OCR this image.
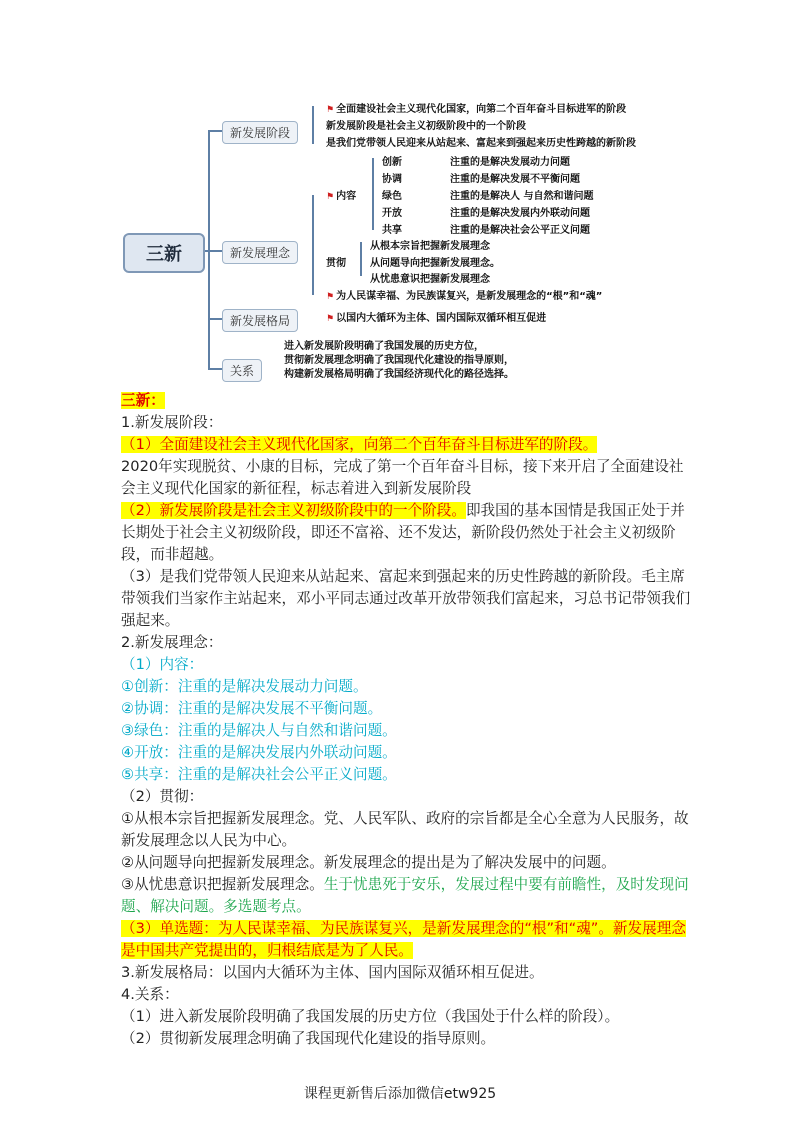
三新
新发展阶段
新发展理念
新发展格局
关系
⚑ 全面建设社会主义现代化国家，向第二个百年奋斗目标进军的阶段
新发展阶段是社会主义初级阶段中的一个阶段
是我们党带领人民迎来从站起来、富起来到强起来历史性跨越的新阶段
⚑ 内容
创新	注重的是解决发展动力问题
协调	注重的是解决发展不平衡问题
绿色	注重的是解决人 与自然和谐问题
开放	注重的是解决发展内外联动问题
共享	注重的是解决社会公平正义问题
贯彻
从根本宗旨把握新发展理念
从问题导向把握新发展理念。
从忧患意识把握新发展理念
⚑ 为人民谋幸福、为民族谋复兴，是新发展理念的“根”和“魂”
⚑ 以国内大循环为主体、国内国际双循环相互促进
进入新发展阶段明确了我国发展的历史方位，
贯彻新发展理念明确了我国现代化建设的指导原则，
构建新发展格局明确了我国经济现代化的路径选择。

三新：

1.新发展阶段：

（1）全面建设社会主义现代化国家，向第二个百年奋斗目标进军的阶段。

2020年实现脱贫、小康的目标，完成了第一个百年奋斗目标，接下来开启了全面建设社会主义现代化国家的新征程，标志着进入到新发展阶段

（2）新发展阶段是社会主义初级阶段中的一个阶段。即我国的基本国情是我国正处于并长期处于社会主义初级阶段，即还不富裕、还不发达，新阶段仍然处于社会主义初级阶段，而非超越。

（3）是我们党带领人民迎来从站起来、富起来到强起来的历史性跨越的新阶段。毛主席带领我们当家作主站起来，邓小平同志通过改革开放带领我们富起来，习总书记带领我们强起来。

2.新发展理念：

（1）内容：

①创新：注重的是解决发展动力问题。

②协调：注重的是解决发展不平衡问题。

③绿色：注重的是解决人与自然和谐问题。

④开放：注重的是解决发展内外联动问题。

⑤共享：注重的是解决社会公平正义问题。

（2）贯彻：

①从根本宗旨把握新发展理念。党、人民军队、政府的宗旨都是全心全意为人民服务，故新发展理念以人民为中心。

②从问题导向把握新发展理念。新发展理念的提出是为了解决发展中的问题。

③从忧患意识把握新发展理念。生于忧患死于安乐，发展过程中要有前瞻性，及时发现问题、解决问题。多选题考点。

（3）单选题：为人民谋幸福、为民族谋复兴，是新发展理念的“根”和“魂”。新发展理念是中国共产党提出的，归根结底是为了人民。

3.新发展格局：以国内大循环为主体、国内国际双循环相互促进。

4.关系：

（1）进入新发展阶段明确了我国发展的历史方位（我国处于什么样的阶段）。

（2）贯彻新发展理念明确了我国现代化建设的指导原则。

课程更新售后添加微信etw925
